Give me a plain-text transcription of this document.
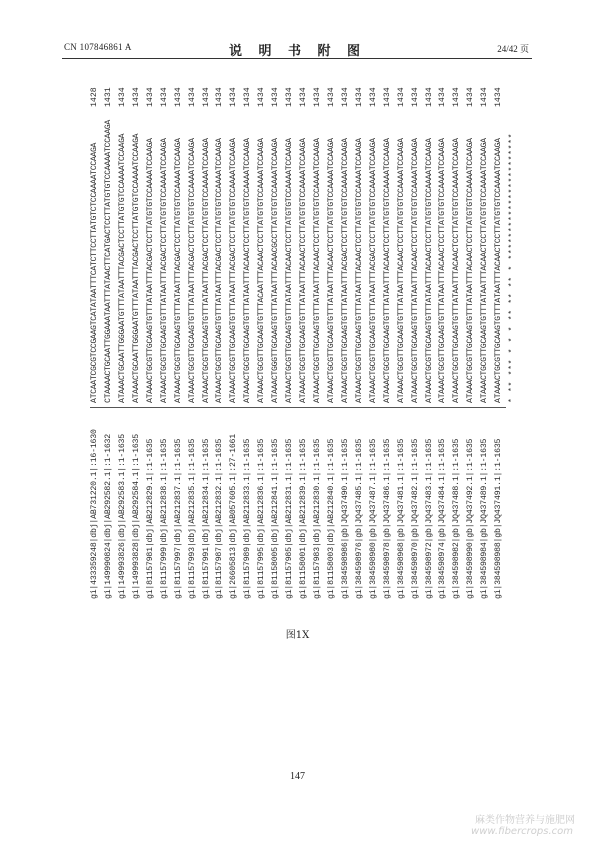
CN 107846861 A	说 明 书 附 图	24/42 页
gi|433359248|dbj|AB731220.1|:16-1630
ATCAATCGCGTCCGAAGTCATATAATTTCATCTTCCTTATGTCTCCAAAATCCAAGA
1428
gi|149990824|dbj|AB292582.1|:1-1632
CTAAAACTGCAATTGGAAATAATTTATAACTTCATGACTCCTTATGTGTCCAAAATCCAAGA
1431
gi|149993826|dbj|AB292583.1|:1-1635
ATAAACTGCAATTGGGAATGTTTATAATTTACGACTCCTTATGTGTCCAAAATCCAAGA
1434
gi|149993828|dbj|AB292584.1|:1-1635
ATAAACTGCAATTGGGAATGTTTATAATTTACGACTCCTTATGTGTCCAAAATCCAAGA
1434
gi|81157981|dbj|AB212829.1|:1-1635
ATAAACTGCGTTGCAAGTGTTTATAATTTACGACTCCTTATGTGTCCAAAATCCAAGA
1434
gi|81157999|dbj|AB212838.1|:1-1635
ATAAACTGCGTTGCAAGTGTTTATAATTTACGACTCCTTATGTGTCCAAAATCCAAGA
1434
gi|81157997|dbj|AB212837.1|:1-1635
ATAAACTGCGTTGCAAGTGTTTATAATTTACGACTCCTTATGTGTCCAAAATCCAAGA
1434
gi|81157993|dbj|AB212835.1|:1-1635
ATAAACTGCGTTGCAAGTGTTTATAATTTACGACTCCTTATGTGTCCAAAATCCAAGA
1434
gi|81157991|dbj|AB212834.1|:1-1635
ATAAACTGCGTTGCAAGTGTTTATAATTTACGACTCCTTATGTGTCCAAAATCCAAGA
1434
gi|81157987|dbj|AB212832.1|:1-1635
ATAAACTGCGTTGCAAGTGTTTATAATTTACGACTCCTTATGTGTCCAAAATCCAAGA
1434
gi|26605813|dbj|AB057605.1|:27-1661
ATAAACTGCGTTGCAAGTGTTTATAATTTACGACTCCTTATGTGTCCAAAATCCAAGA
1434
gi|81157989|dbj|AB212833.1|:1-1635
ATAAACTGCGTTGCAAGTGTTTATAATTTACAACTCCTTATGTGTCCAAAATCCAAGA
1434
gi|81157995|dbj|AB212836.1|:1-1635
ATAAACTGCGTTGCAAGTGTTTACAATTTACAACTCCTTATGTGTCCAAAATCCAAGA
1434
gi|81158005|dbj|AB212841.1|:1-1635
ATAAACTGGGTTGCAAGTGTTTATAATTTACAACGCCTTATGTGTCCAAAATCCAAGA
1434
gi|81157985|dbj|AB212831.1|:1-1635
ATAAACTGCGTTGCAAGTGTTTATAATTTACAACTCCTTATGTGTCCAAAATCCAAGA
1434
gi|81158001|dbj|AB212839.1|:1-1635
ATAAACTGCGTTGCAAGTGTTTATAATTTACAACTCCTTATGTGTCCAAAATCCAAGA
1434
gi|81157983|dbj|AB212830.1|:1-1635
ATAAACTGCGTTGCAAGTGTTTATAATTTACAACTCCTTATGTGTCCAAAATCCAAGA
1434
gi|81158003|dbj|AB212840.1|:1-1635
ATAAACTGCGTTGCAAGTGTTTATAATTTACAACTCCTTATGTGTCCAAAATCCAAGA
1434
gi|384598986|gb|JQ437490.1|:1-1635
ATAAACTGCGTTGCAAGTGTTTATAATTTACGACTCCTTATGTGTCCAAAATCCAAGA
1434
gi|384598976|gb|JQ437485.1|:1-1635
ATAAACTGCGTTGCAAGTGTTTATAATTTACAACTCCTTATGTGTCCAAAATCCAAGA
1434
gi|384598980|gb|JQ437487.1|:1-1635
ATAAACTGCGTTGCAAGTGTTTATAATTTACGACTCCTTATGTGTCCAAAATCCAAGA
1434
gi|384598978|gb|JQ437486.1|:1-1635
ATAAACTGCGTTGCAAGTGTTTATAATTTACAACTCCTTATGTGTCCAAAATCCAAGA
1434
gi|384598968|gb|JQ437481.1|:1-1635
ATAAACTGCGTTGCAAGTGTTTATAATTTACAACTCCTTATGTGTCCAAAATCCAAGA
1434
gi|384598970|gb|JQ437482.1|:1-1635
ATAAACTGCGTTGCAAGTGTTTATAATTTACAACTCCTTATGTGTCCAAAATCCAAGA
1434
gi|384598972|gb|JQ437483.1|:1-1635
ATAAACTGCGTTGCAAGTGTTTATAATTTACAACTCCTTATGTGTCCAAAATCCAAGA
1434
gi|384598974|gb|JQ437484.1|:1-1635
ATAAACTGCGTTGCAAGTGTTTATAATTTACAACTCCTTATGTGTCCAAAATCCAAGA
1434
gi|384598982|gb|JQ437488.1|:1-1635
ATAAACTGCGTTGCAAGTGTTTATAATTTACAACTCCTTATGTGTCCAAAATCCAAGA
1434
gi|384598990|gb|JQ437492.1|:1-1635
ATAAACTGCGTTGCAAGTGTTTATAATTTACAACTCCTTATGTGTCCAAAATCCAAGA
1434
gi|384598984|gb|JQ437489.1|:1-1635
ATAAACTGCGTTGCAAGTGTTTATAATTTACAACTCCTTATGTGTCCAAAATCCAAGA
1434
gi|384598988|gb|JQ437491.1|:1-1635
ATAAACTGCGTTGCAAGTGTTTATAATTTACAACTCCTTATGTGTCCAAAATCCAAGA
1434
* ** *** * * * ** ** ** * ***********************
图1X
147
麻类作物营养与施肥网
www.fibercrops.com
